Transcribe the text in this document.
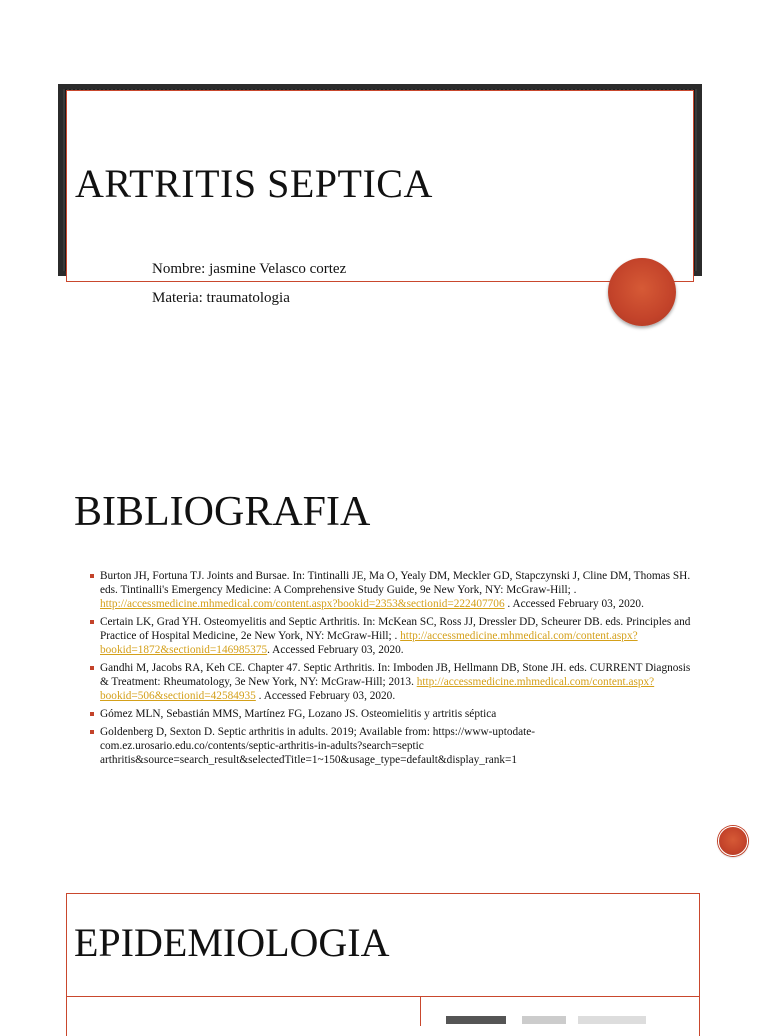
ARTRITIS SEPTICA

Nombre: jasmine Velasco cortez

Materia: traumatologia

BIBLIOGRAFIA
Burton JH, Fortuna TJ. Joints and Bursae. In: Tintinalli JE, Ma O, Yealy DM, Meckler GD, Stapczynski J, Cline DM, Thomas SH. eds. Tintinalli's Emergency Medicine: A Comprehensive Study Guide, 9e New York, NY: McGraw-Hill; . http://accessmedicine.mhmedical.com/content.aspx?bookid=2353&sectionid=222407706 . Accessed February 03, 2020.
Certain LK, Grad YH. Osteomyelitis and Septic Arthritis. In: McKean SC, Ross JJ, Dressler DD, Scheurer DB. eds. Principles and Practice of Hospital Medicine, 2e New York, NY: McGraw-Hill; . http://accessmedicine.mhmedical.com/content.aspx?bookid=1872&sectionid=146985375. Accessed February 03, 2020.
Gandhi M, Jacobs RA, Keh CE. Chapter 47. Septic Arthritis. In: Imboden JB, Hellmann DB, Stone JH. eds. CURRENT Diagnosis & Treatment: Rheumatology, 3e New York, NY: McGraw-Hill; 2013. http://accessmedicine.mhmedical.com/content.aspx?bookid=506&sectionid=42584935 . Accessed February 03, 2020.
Gómez MLN, Sebastián MMS, Martínez FG, Lozano JS. Osteomielitis y artritis séptica
Goldenberg D, Sexton D. Septic arthritis in adults. 2019; Available from: https://www-uptodate-com.ez.urosario.edu.co/contents/septic-arthritis-in-adults?search=septic arthritis&source=search_result&selectedTitle=1~150&usage_type=default&display_rank=1
EPIDEMIOLOGIA
